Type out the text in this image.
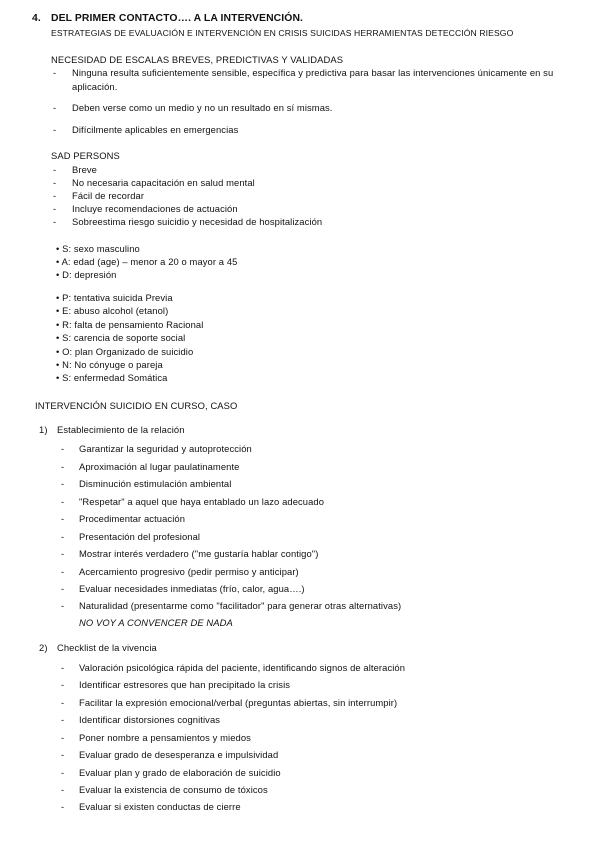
4. DEL PRIMER CONTACTO…. A LA INTERVENCIÓN.
ESTRATEGIAS DE EVALUACIÓN E INTERVENCIÓN EN CRISIS SUICIDAS HERRAMIENTAS DETECCIÓN RIESGO
NECESIDAD DE ESCALAS BREVES, PREDICTIVAS Y VALIDADAS
- Ninguna resulta suficientemente sensible, específica y predictiva para basar las intervenciones únicamente en su
aplicación.
- Deben verse como un medio y no un resultado en sí mismas.
- Difícilmente aplicables en emergencias
SAD PERSONS
- Breve
- No necesaria capacitación en salud mental
- Fácil de recordar
- Incluye recomendaciones de actuación
- Sobreestima riesgo suicidio y necesidad de hospitalización
• S: sexo masculino
• A: edad (age) – menor a 20 o mayor a 45
• D: depresión
• P: tentativa suicida Previa
• E: abuso alcohol (etanol)
• R: falta de pensamiento Racional
• S: carencia de soporte social
• O: plan Organizado de suicidio
• N: No cónyuge o pareja
• S: enfermedad Somática
INTERVENCIÓN SUICIDIO EN CURSO, CASO
1) Establecimiento de la relación
- Garantizar la seguridad y autoprotección
- Aproximación al lugar paulatinamente
- Disminución estimulación ambiental
- "Respetar" a aquel que haya entablado un lazo adecuado
- Procedimentar actuación
- Presentación del profesional
- Mostrar interés verdadero ("me gustaría hablar contigo")
- Acercamiento progresivo (pedir permiso y anticipar)
- Evaluar necesidades inmediatas (frío, calor, agua….)
- Naturalidad (presentarme como "facilitador" para generar otras alternativas)
NO VOY A CONVENCER DE NADA
2) Checklist de la vivencia
- Valoración psicológica rápida del paciente, identificando signos de alteración
- Identificar estresores que han precipitado la crisis
- Facilitar la expresión emocional/verbal (preguntas abiertas, sin interrumpir)
- Identificar distorsiones cognitivas
- Poner nombre a pensamientos y miedos
- Evaluar grado de desesperanza e impulsividad
- Evaluar plan y grado de elaboración de suicidio
- Evaluar la existencia de consumo de tóxicos
- Evaluar si existen conductas de cierre
